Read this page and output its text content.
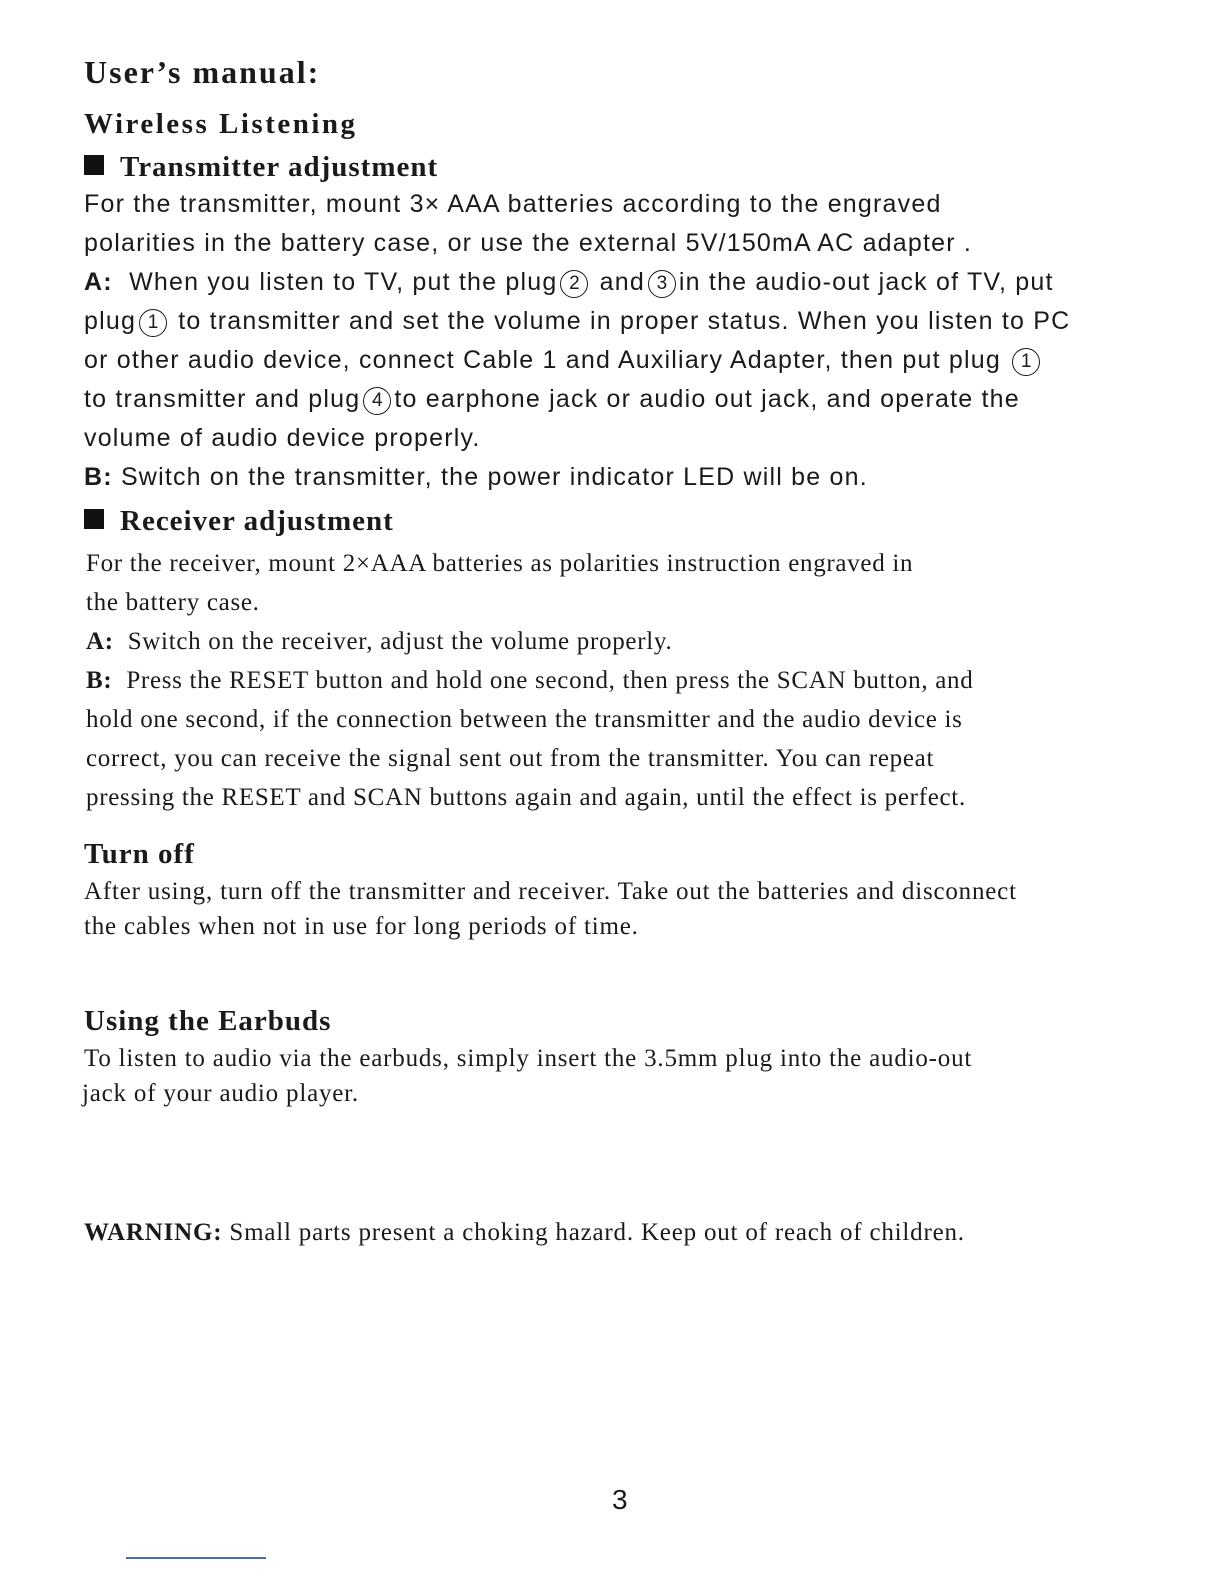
User’s manual:
Wireless Listening
Transmitter adjustment
For the transmitter, mount 3× AAA batteries according to the engraved
polarities in the battery case, or use the external 5V/150mA AC adapter .
A: When you listen to TV, put the plug 2 and 3 in the audio-out jack of TV, put
plug 1 to transmitter and set the volume in proper status. When you listen to PC
or other audio device, connect Cable 1 and Auxiliary Adapter, then put plug 1
to transmitter and plug 4 to earphone jack or audio out jack, and operate the
volume of audio device properly.
B: Switch on the transmitter, the power indicator LED will be on.
Receiver adjustment
For the receiver, mount 2×AAA batteries as polarities instruction engraved in
the battery case.
A: Switch on the receiver, adjust the volume properly.
B: Press the RESET button and hold one second, then press the SCAN button, and
hold one second, if the connection between the transmitter and the audio device is
correct, you can receive the signal sent out from the transmitter. You can repeat
pressing the RESET and SCAN buttons again and again, until the effect is perfect.
Turn off
After using, turn off the transmitter and receiver. Take out the batteries and disconnect
the cables when not in use for long periods of time.
Using the Earbuds
To listen to audio via the earbuds, simply insert the 3.5mm plug into the audio-out
jack of your audio player.
WARNING: Small parts present a choking hazard. Keep out of reach of children.
3
